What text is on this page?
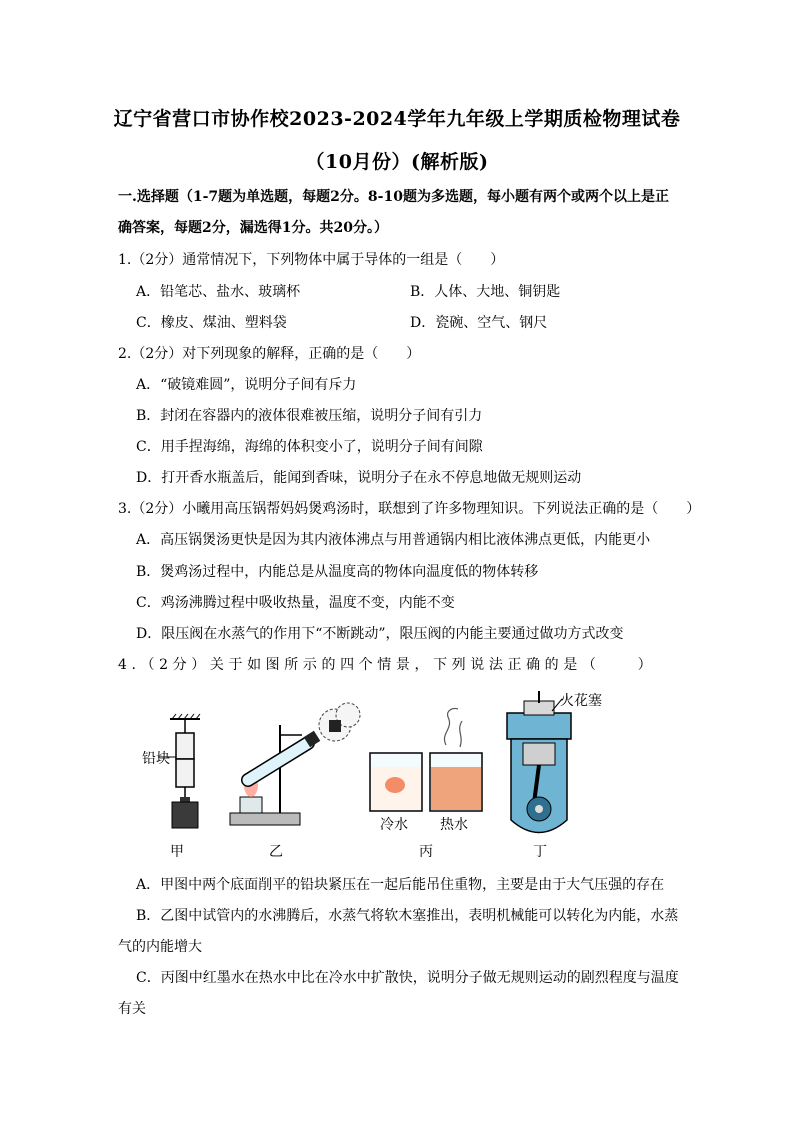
辽宁省营口市协作校2023-2024学年九年级上学期质检物理试卷
（10月份）(解析版)
一.选择题（1-7题为单选题，每题2分。8-10题为多选题，每小题有两个或两个以上是正
确答案，每题2分，漏选得1分。共20分。）
1.（2分）通常情况下，下列物体中属于导体的一组是（　　）
A．铅笔芯、盐水、玻璃杯	B．人体、大地、铜钥匙
C．橡皮、煤油、塑料袋	D．瓷碗、空气、钢尺
2.（2分）对下列现象的解释，正确的是（　　）
A．“破镜难圆”，说明分子间有斥力
B．封闭在容器内的液体很难被压缩，说明分子间有引力
C．用手捏海绵，海绵的体积变小了，说明分子间有间隙
D．打开香水瓶盖后，能闻到香味，说明分子在永不停息地做无规则运动
3.（2分）小曦用高压锅帮妈妈煲鸡汤时，联想到了许多物理知识。下列说法正确的是（　　）
A．高压锅煲汤更快是因为其内液体沸点与用普通锅内相比液体沸点更低，内能更小
B．煲鸡汤过程中，内能总是从温度高的物体向温度低的物体转移
C．鸡汤沸腾过程中吸收热量，温度不变，内能不变
D．限压阀在水蒸气的作用下“不断跳动”，限压阀的内能主要通过做功方式改变
4.（2分）关于如图所示的四个情景，下列说法正确的是（　　）
铅块
火花塞
冷水 热水
甲	乙	丙	丁
A．甲图中两个底面削平的铅块紧压在一起后能吊住重物，主要是由于大气压强的存在
B．乙图中试管内的水沸腾后，水蒸气将软木塞推出，表明机械能可以转化为内能，水蒸
气的内能增大
C．丙图中红墨水在热水中比在冷水中扩散快，说明分子做无规则运动的剧烈程度与温度
有关
